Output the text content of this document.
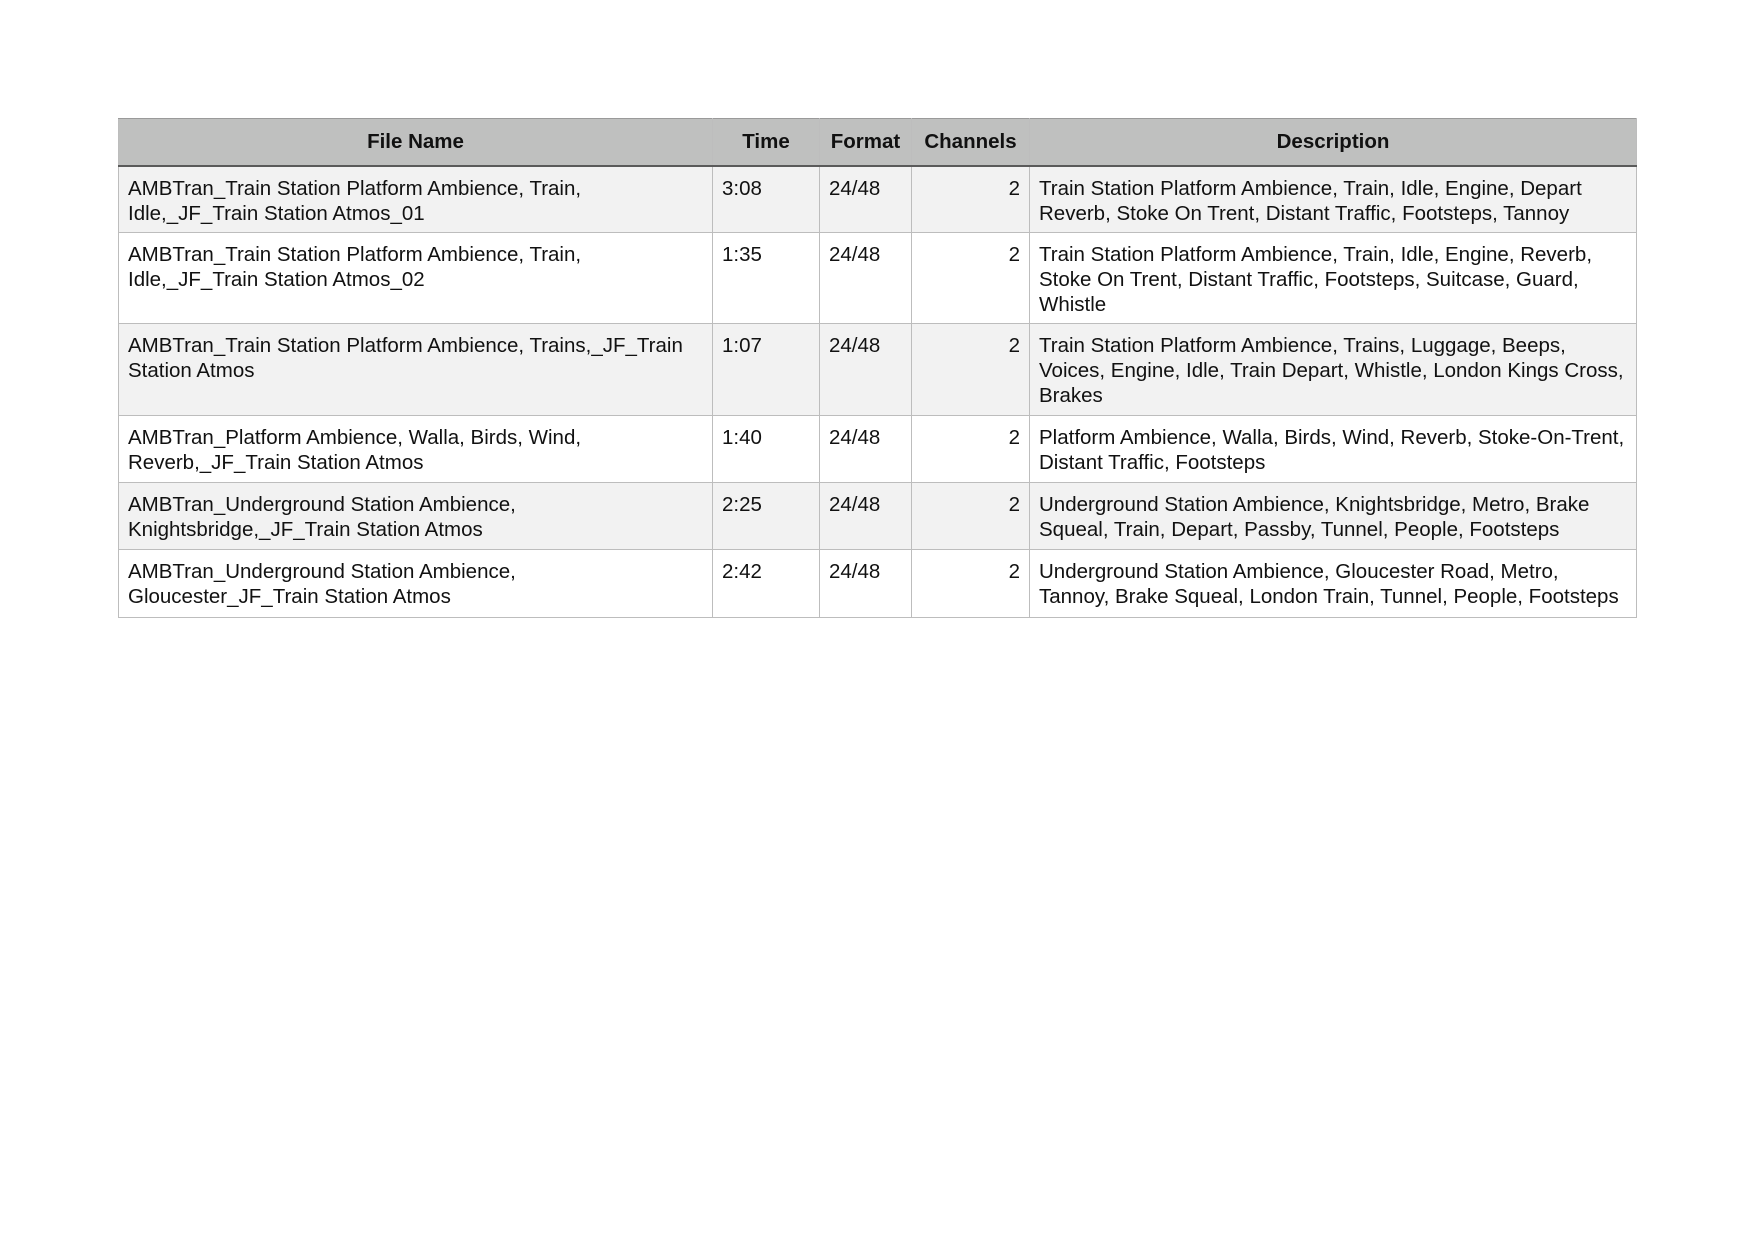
File Name	Time	Format	Channels	Description
AMBTran_Train Station Platform Ambience, Train, Idle,_JF_Train Station Atmos_01	3:08	24/48	2	Train Station Platform Ambience, Train, Idle, Engine, Depart Reverb, Stoke On Trent, Distant Traffic, Footsteps, Tannoy
AMBTran_Train Station Platform Ambience, Train, Idle,_JF_Train Station Atmos_02	1:35	24/48	2	Train Station Platform Ambience, Train, Idle, Engine, Reverb, Stoke On Trent, Distant Traffic, Footsteps, Suitcase, Guard, Whistle
AMBTran_Train Station Platform Ambience, Trains,_JF_Train Station Atmos	1:07	24/48	2	Train Station Platform Ambience, Trains, Luggage, Beeps, Voices, Engine, Idle, Train Depart, Whistle, London Kings Cross, Brakes
AMBTran_Platform Ambience, Walla, Birds, Wind, Reverb,_JF_Train Station Atmos	1:40	24/48	2	Platform Ambience, Walla, Birds, Wind, Reverb, Stoke-On-Trent, Distant Traffic, Footsteps
AMBTran_Underground Station Ambience, Knightsbridge,_JF_Train Station Atmos	2:25	24/48	2	Underground Station Ambience, Knightsbridge, Metro, Brake Squeal, Train, Depart, Passby, Tunnel, People, Footsteps
AMBTran_Underground Station Ambience, Gloucester_JF_Train Station Atmos	2:42	24/48	2	Underground Station Ambience, Gloucester Road, Metro, Tannoy, Brake Squeal, London Train, Tunnel, People, Footsteps
